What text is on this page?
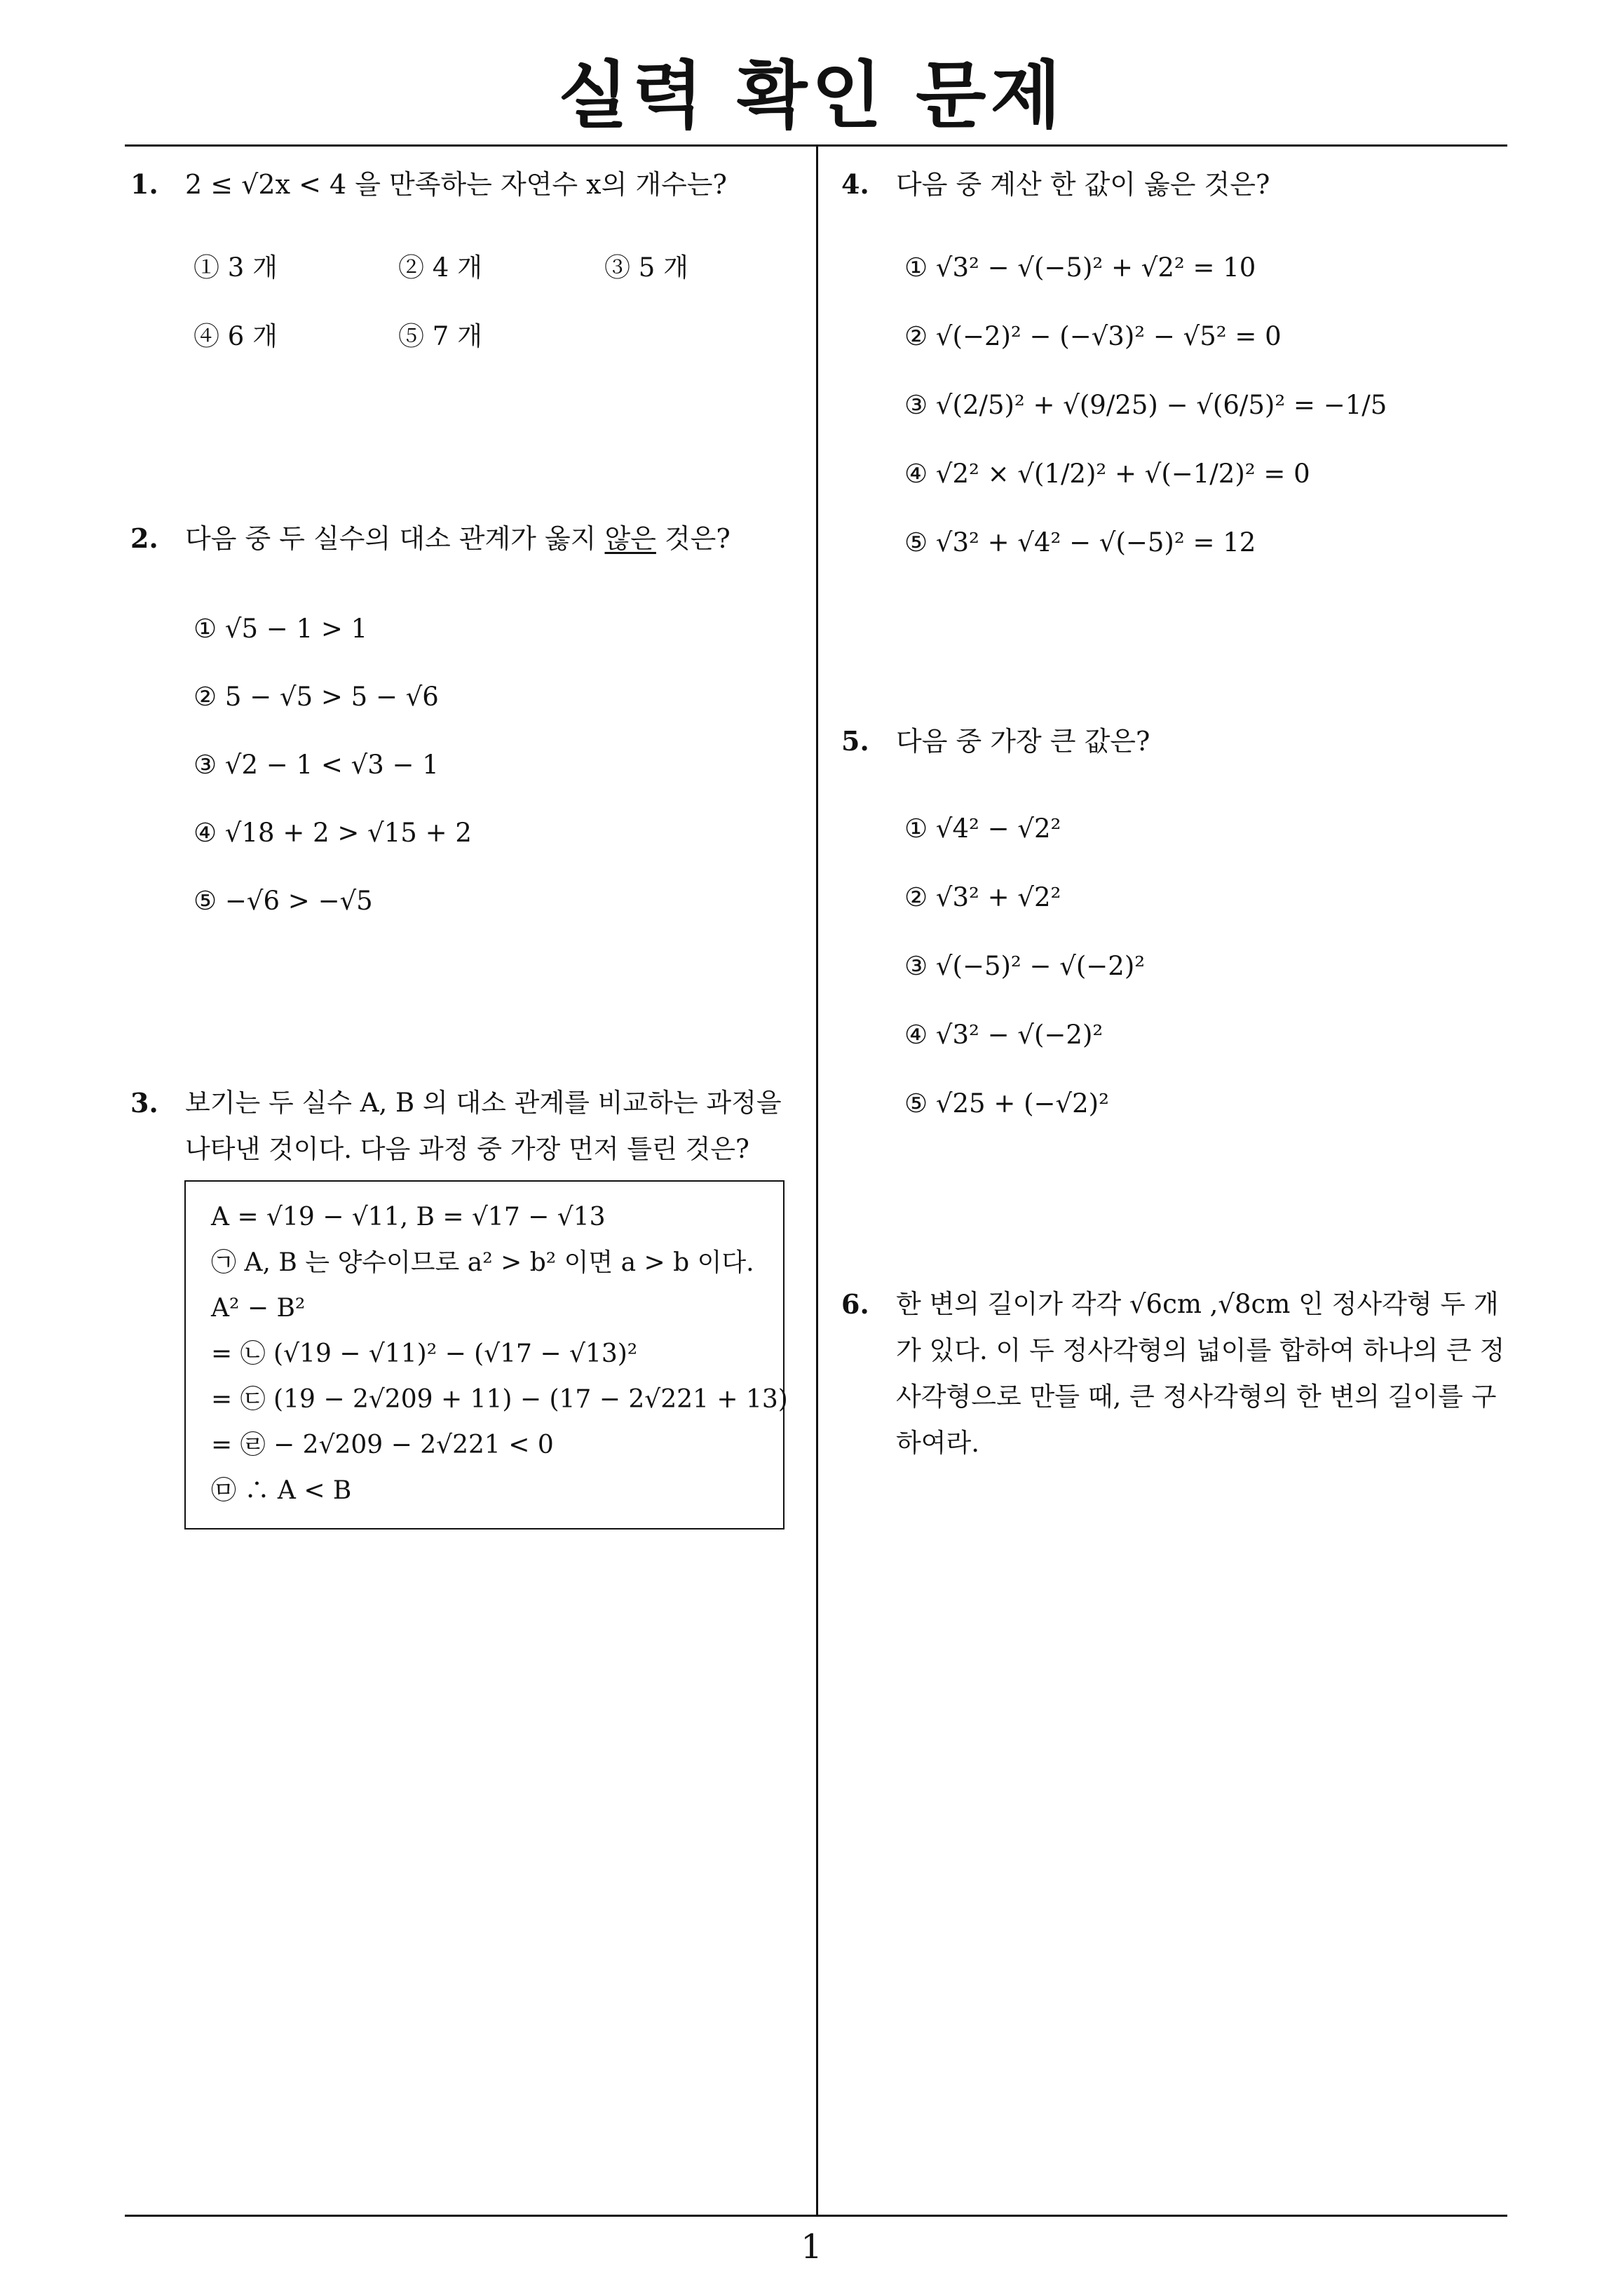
실력 확인 문제
1
1. 2 ≤ √2x < 4 을 만족하는 자연수 x의 개수는?
① 3 개	② 4 개	③ 5 개
④ 6 개	⑤ 7 개
2. 다음 중 두 실수의 대소 관계가 옳지 않은 것은?
① √5 − 1 > 1
② 5 − √5 > 5 − √6
③ √2 − 1 < √3 − 1
④ √18 + 2 > √15 + 2
⑤ −√6 > −√5
3.	보기는 두 실수 A, B 의 대소 관계를 비교하는 과정을 나타낸 것이다. 다음 과정 중 가장 먼저 틀린 것은?
A = √19 − √11, B = √17 − √13
㉠ A, B 는 양수이므로 a² > b² 이면 a > b 이다.
A² − B²
= ㉡ (√19 − √11)² − (√17 − √13)²
= ㉢ (19 − 2√209 + 11) − (17 − 2√221 + 13)
= ㉣ − 2√209 − 2√221 < 0
㉤ ∴ A < B
4. 다음 중 계산 한 값이 옳은 것은?
① √3² − √(−5)² + √2² = 10
② √(−2)² − (−√3)² − √5² = 0
③ √(2/5)² + √(9/25) − √(6/5)² = −1/5
④ √2² × √(1/2)² + √(−1/2)² = 0
⑤ √3² + √4² − √(−5)² = 12
5. 다음 중 가장 큰 값은?
① √4² − √2²
② √3² + √2²
③ √(−5)² − √(−2)²
④ √3² − √(−2)²
⑤ √25 + (−√2)²
6.	한 변의 길이가 각각 √6cm ,√8cm 인 정사각형 두 개가 있다. 이 두 정사각형의 넓이를 합하여 하나의 큰 정사각형으로 만들 때, 큰 정사각형의 한 변의 길이를 구하여라.
